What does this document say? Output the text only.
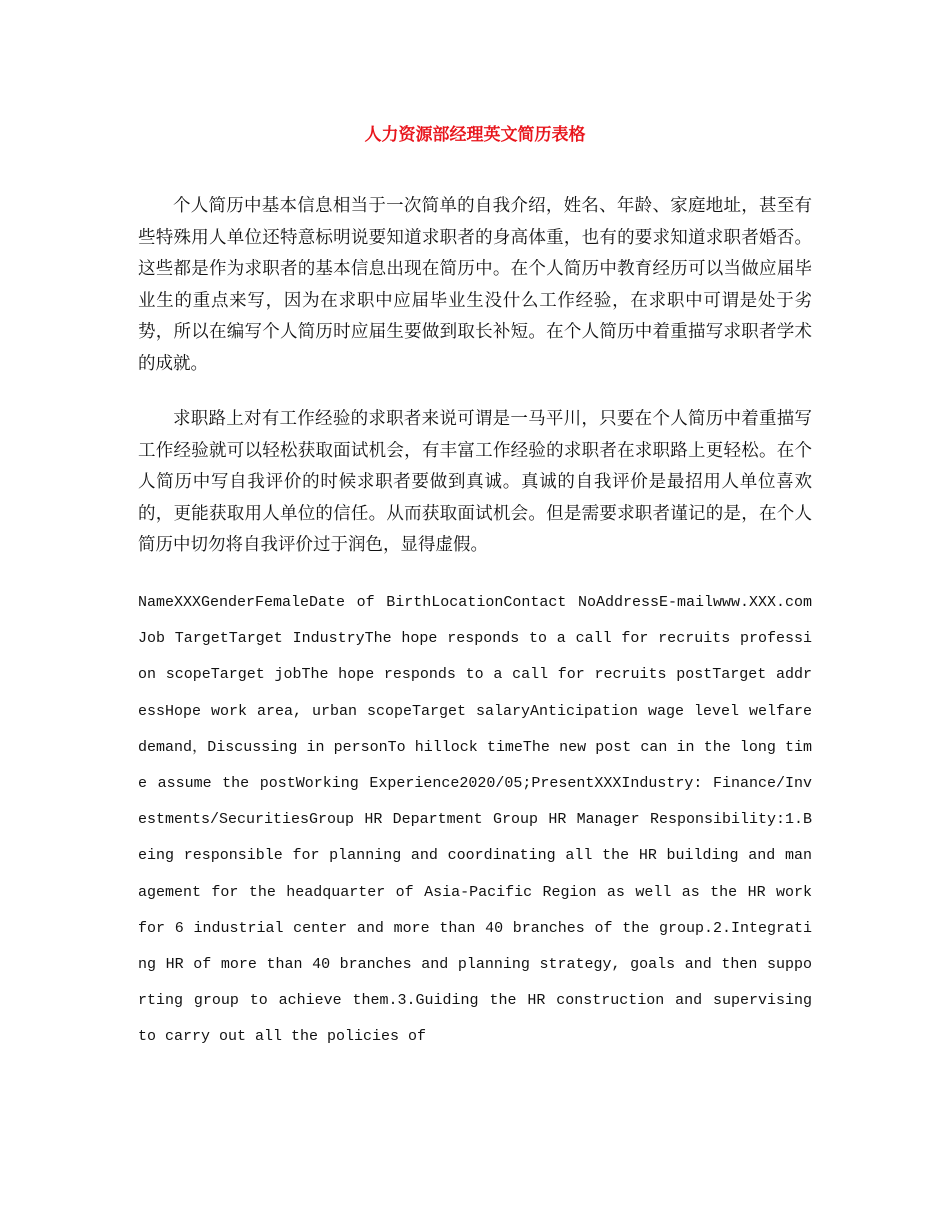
人力资源部经理英文简历表格

个人简历中基本信息相当于一次简单的自我介绍，姓名、年龄、家庭地址，甚至有些特殊用人单位还特意标明说要知道求职者的身高体重，也有的要求知道求职者婚否。这些都是作为求职者的基本信息出现在简历中。在个人简历中教育经历可以当做应届毕业生的重点来写，因为在求职中应届毕业生没什么工作经验，在求职中可谓是处于劣势，所以在编写个人简历时应届生要做到取长补短。在个人简历中着重描写求职者学术的成就。

求职路上对有工作经验的求职者来说可谓是一马平川，只要在个人简历中着重描写工作经验就可以轻松获取面试机会，有丰富工作经验的求职者在求职路上更轻松。在个人简历中写自我评价的时候求职者要做到真诚。真诚的自我评价是最招用人单位喜欢的，更能获取用人单位的信任。从而获取面试机会。但是需要求职者谨记的是，在个人简历中切勿将自我评价过于润色，显得虚假。

NameXXXGenderFemaleDate of BirthLocationContact NoAddressE-mailwww.XXX.comJob TargetTarget IndustryThe hope responds to a call for recruits profession scopeTarget jobThe hope responds to a call for recruits postTarget addressHope work area, urban scopeTarget salaryAnticipation wage level welfare demand，Discussing in personTo hillock timeThe new post can in the long time assume the postWorking Experience2020/05;PresentXXXIndustry: Finance/Investments/SecuritiesGroup HR Department Group HR Manager Responsibility:1.Being responsible for planning and coordinating all the HR building and management for the headquarter of Asia-Pacific Region as well as the HR work for 6 industrial center and more than 40 branches of the group.2.Integrating HR of more than 40 branches and planning strategy, goals and then supporting group to achieve them.3.Guiding the HR construction and supervising to carry out all the policies of
